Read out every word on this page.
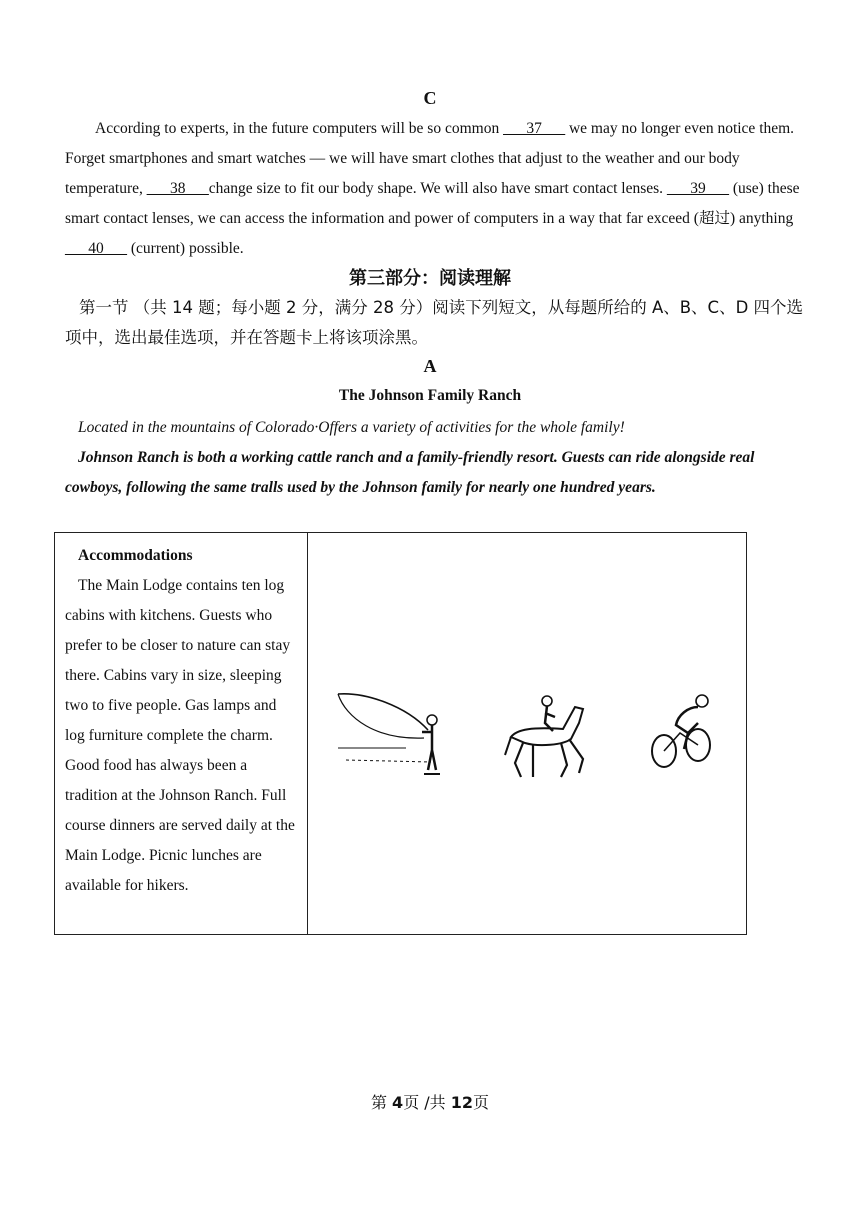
C
According to experts, in the future computers will be so common ___37___ we may no longer even notice them. Forget smartphones and smart watches — we will have smart clothes that adjust to the weather and our body temperature, ___38___change size to fit our body shape. We will also have smart contact lenses. ___39___ (use) these smart contact lenses, we can access the information and power of computers in a way that far exceed (超过) anything ___40___ (current) possible.
第三部分：阅读理解
第一节 （共 14 题；每小题 2 分，满分 28 分）阅读下列短文，从每题所给的 A、B、C、D 四个选项中，选出最佳选项，并在答题卡上将该项涂黑。
A
The Johnson Family Ranch
Located in the mountains of Colorado·Offers a variety of activities for the whole family!
Johnson Ranch is both a working cattle ranch and a family-friendly resort. Guests can ride alongside real cowboys, following the same tralls used by the Johnson family for nearly one hundred years.
Accommodations
The Main Lodge contains ten log cabins with kitchens. Guests who prefer to be closer to nature can stay there. Cabins vary in size, sleeping two to five people. Gas lamps and log furniture complete the charm. Good food has always been a tradition at the Johnson Ranch. Full course dinners are served daily at the Main Lodge. Picnic lunches are available for hikers.

第 4页 /共 12页
